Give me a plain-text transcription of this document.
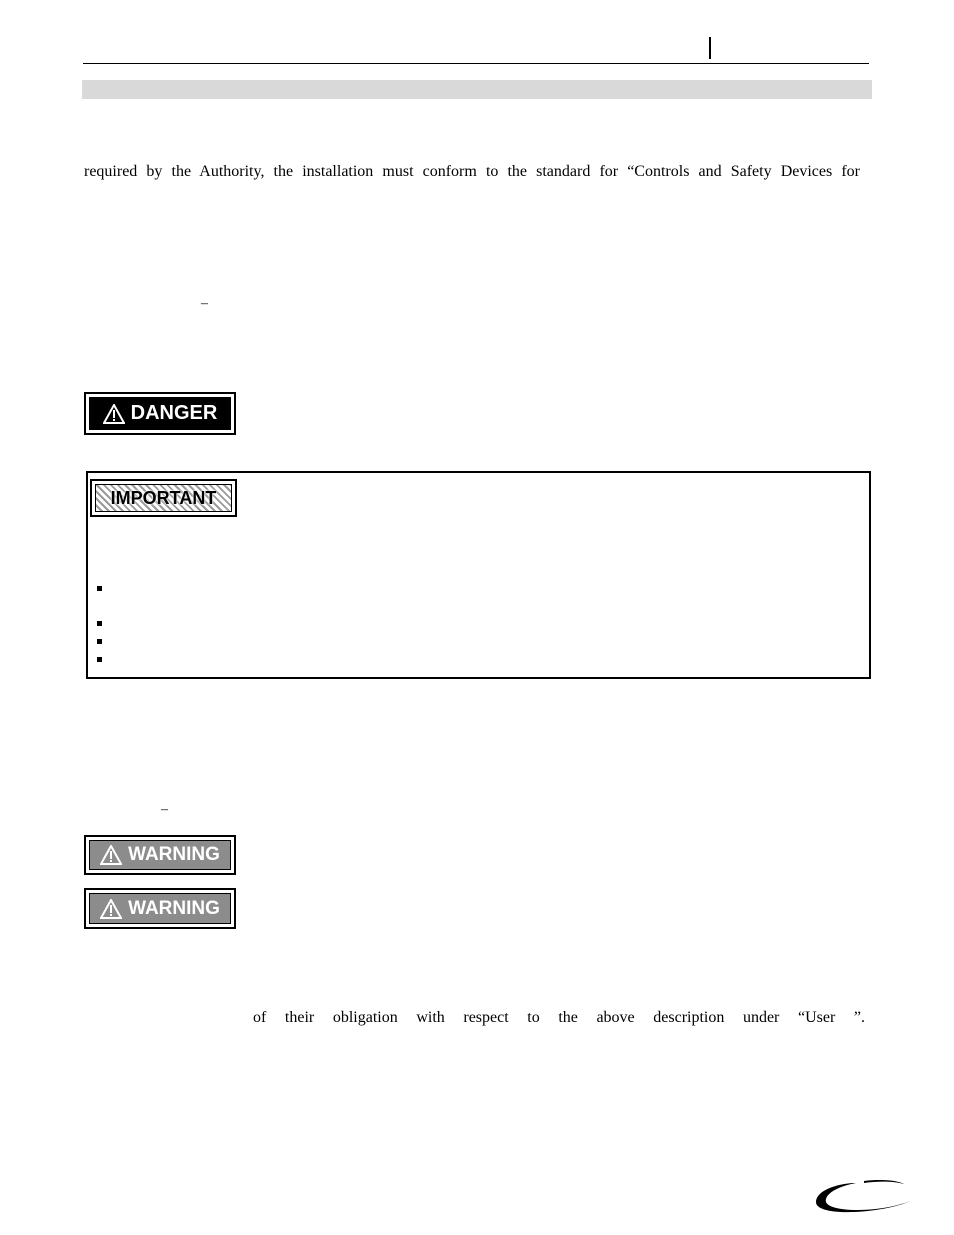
required by the Authority, the installation must conform to the standard for “Controls and Safety Devices for
–
DANGER
IMPORTANT
–
WARNING
WARNING
of their obligation with respect to the above description under “User ”.
